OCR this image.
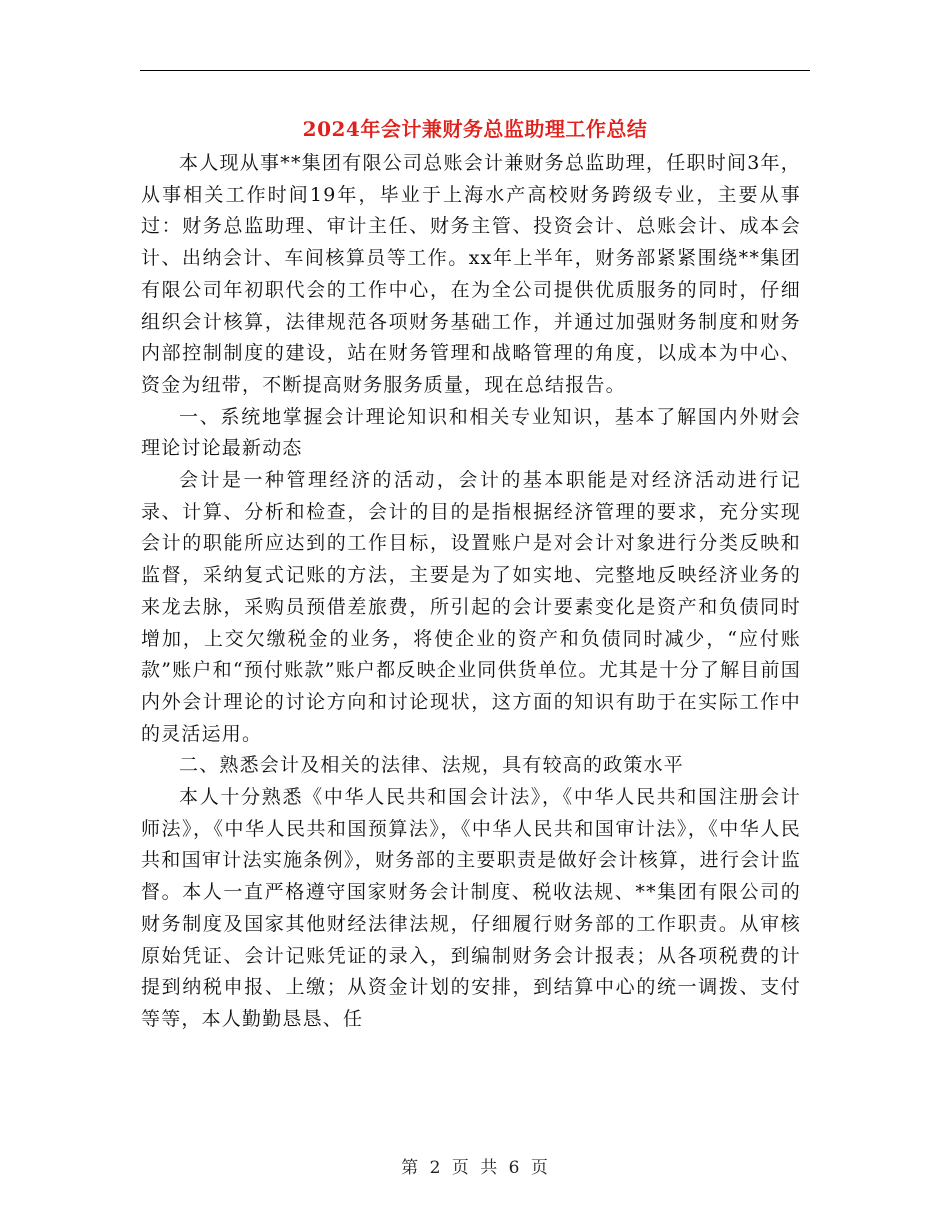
2024年会计兼财务总监助理工作总结

本人现从事**集团有限公司总账会计兼财务总监助理，任职时间3年，从事相关工作时间19年，毕业于上海水产高校财务跨级专业，主要从事过：财务总监助理、审计主任、财务主管、投资会计、总账会计、成本会计、出纳会计、车间核算员等工作。xx年上半年，财务部紧紧围绕**集团有限公司年初职代会的工作中心，在为全公司提供优质服务的同时，仔细组织会计核算，法律规范各项财务基础工作，并通过加强财务制度和财务内部控制制度的建设，站在财务管理和战略管理的角度，以成本为中心、资金为纽带，不断提高财务服务质量，现在总结报告。

一、系统地掌握会计理论知识和相关专业知识，基本了解国内外财会理论讨论最新动态

会计是一种管理经济的活动，会计的基本职能是对经济活动进行记录、计算、分析和检查，会计的目的是指根据经济管理的要求，充分实现会计的职能所应达到的工作目标，设置账户是对会计对象进行分类反映和监督，采纳复式记账的方法，主要是为了如实地、完整地反映经济业务的来龙去脉，采购员预借差旅费，所引起的会计要素变化是资产和负债同时增加，上交欠缴税金的业务，将使企业的资产和负债同时减少，“应付账款”账户和“预付账款”账户都反映企业同供货单位。尤其是十分了解目前国内外会计理论的讨论方向和讨论现状，这方面的知识有助于在实际工作中的灵活运用。

二、熟悉会计及相关的法律、法规，具有较高的政策水平

本人十分熟悉《中华人民共和国会计法》，《中华人民共和国注册会计师法》，《中华人民共和国预算法》，《中华人民共和国审计法》，《中华人民共和国审计法实施条例》，财务部的主要职责是做好会计核算，进行会计监督。本人一直严格遵守国家财务会计制度、税收法规、**集团有限公司的财务制度及国家其他财经法律法规，仔细履行财务部的工作职责。从审核原始凭证、会计记账凭证的录入，到编制财务会计报表；从各项税费的计提到纳税申报、上缴；从资金计划的安排，到结算中心的统一调拨、支付等等，本人勤勤恳恳、任

第 2 页 共 6 页
